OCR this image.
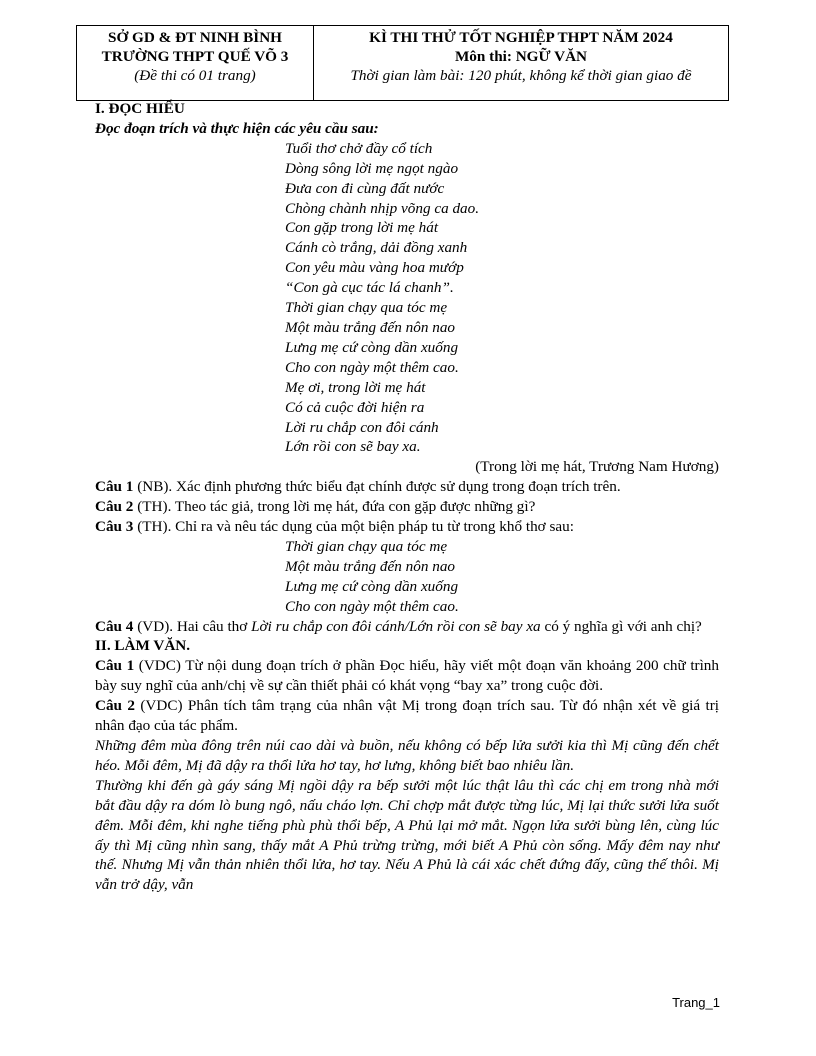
SỞ GD & ĐT NINH BÌNH
TRƯỜNG THPT QUẾ VÕ 3
(Đề thi có 01 trang)
KÌ THI THỬ TỐT NGHIỆP THPT NĂM 2024
Môn thi: NGỮ VĂN
Thời gian làm bài: 120 phút, không kể thời gian giao đề

I. ĐỌC HIỂU

Đọc đoạn trích và thực hiện các yêu cầu sau:

Tuổi thơ chở đầy cổ tích

Dòng sông lời mẹ ngọt ngào

Đưa con đi cùng đất nước

Chòng chành nhịp võng ca dao.

Con gặp trong lời mẹ hát

Cánh cò trắng, dải đồng xanh

Con yêu màu vàng hoa mướp

“Con gà cục tác lá chanh”.

Thời gian chạy qua tóc mẹ

Một màu trắng đến nôn nao

Lưng mẹ cứ còng dần xuống

Cho con ngày một thêm cao.

Mẹ ơi, trong lời mẹ hát

Có cả cuộc đời hiện ra

Lời ru chắp con đôi cánh

Lớn rồi con sẽ bay xa.

(Trong lời mẹ hát, Trương Nam Hương)

Câu 1 (NB). Xác định phương thức biểu đạt chính được sử dụng trong đoạn trích trên.

Câu 2 (TH). Theo tác giả, trong lời mẹ hát, đứa con gặp được những gì?

Câu 3 (TH). Chỉ ra và nêu tác dụng của một biện pháp tu từ trong khổ thơ sau:

Thời gian chạy qua tóc mẹ

Một màu trắng đến nôn nao

Lưng mẹ cứ còng dần xuống

Cho con ngày một thêm cao.

Câu 4 (VD). Hai câu thơ Lời ru chắp con đôi cánh/Lớn rồi con sẽ bay xa có ý nghĩa gì với anh chị?

II. LÀM VĂN.

Câu 1 (VDC) Từ nội dung đoạn trích ở phần Đọc hiểu, hãy viết một đoạn văn khoảng 200 chữ trình bày suy nghĩ của anh/chị về sự cần thiết phải có khát vọng “bay xa” trong cuộc đời.

Câu 2 (VDC) Phân tích tâm trạng của nhân vật Mị trong đoạn trích sau. Từ đó nhận xét về giá trị nhân đạo của tác phẩm.

Những đêm mùa đông trên núi cao dài và buồn, nếu không có bếp lửa sưởi kia thì Mị cũng đến chết héo. Mỗi đêm, Mị đã dậy ra thổi lửa hơ tay, hơ lưng, không biết bao nhiêu lần.

Thường khi đến gà gáy sáng Mị ngồi dậy ra bếp sưởi một lúc thật lâu thì các chị em trong nhà mới bắt đầu dậy ra dóm lò bung ngô, nấu cháo lợn. Chỉ chợp mắt được từng lúc, Mị lại thức sưởi lửa suốt đêm. Mỗi đêm, khi nghe tiếng phù phù thổi bếp, A Phủ lại mở mắt. Ngọn lửa sưởi bùng lên, cùng lúc ấy thì Mị cũng nhìn sang, thấy mắt A Phủ trừng trừng, mới biết A Phủ còn sống. Mấy đêm nay như thế. Nhưng Mị vẫn thản nhiên thổi lửa, hơ tay. Nếu A Phủ là cái xác chết đứng đấy, cũng thế thôi. Mị vẫn trở dậy, vẫn

Trang_1
